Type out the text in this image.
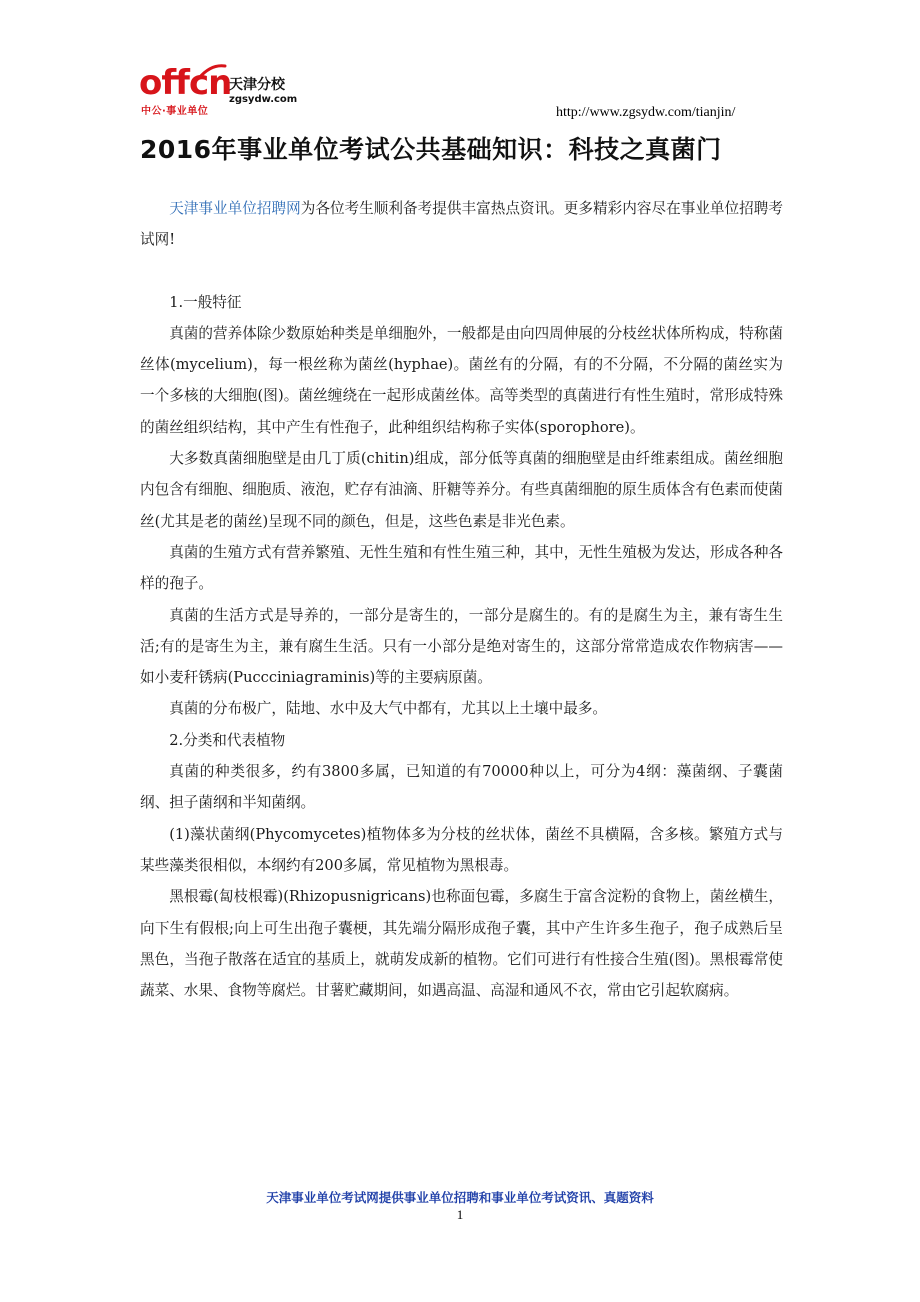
offcn
中公·事业单位
天津分校
zgsydw.com
http://www.zgsydw.com/tianjin/
2016年事业单位考试公共基础知识：科技之真菌门

天津事业单位招聘网为各位考生顺利备考提供丰富热点资讯。更多精彩内容尽在事业单位招聘考试网!

1.一般特征

真菌的营养体除少数原始种类是单细胞外，一般都是由向四周伸展的分枝丝状体所构成，特称菌丝体(mycelium)，每一根丝称为菌丝(hyphae)。菌丝有的分隔，有的不分隔，不分隔的菌丝实为一个多核的大细胞(图)。菌丝缠绕在一起形成菌丝体。高等类型的真菌进行有性生殖时，常形成特殊的菌丝组织结构，其中产生有性孢子，此种组织结构称子实体(sporophore)。

大多数真菌细胞壁是由几丁质(chitin)组成，部分低等真菌的细胞壁是由纤维素组成。菌丝细胞内包含有细胞、细胞质、液泡，贮存有油滴、肝糖等养分。有些真菌细胞的原生质体含有色素而使菌丝(尤其是老的菌丝)呈现不同的颜色，但是，这些色素是非光色素。

真菌的生殖方式有营养繁殖、无性生殖和有性生殖三种，其中，无性生殖极为发达，形成各种各样的孢子。

真菌的生活方式是导养的，一部分是寄生的，一部分是腐生的。有的是腐生为主，兼有寄生生活;有的是寄生为主，兼有腐生生活。只有一小部分是绝对寄生的，这部分常常造成农作物病害——如小麦秆锈病(Puccciniagraminis)等的主要病原菌。

真菌的分布极广，陆地、水中及大气中都有，尤其以上土壤中最多。

2.分类和代表植物

真菌的种类很多，约有3800多属，已知道的有70000种以上，可分为4纲：藻菌纲、子囊菌纲、担子菌纲和半知菌纲。

(1)藻状菌纲(Phycomycetes)植物体多为分枝的丝状体，菌丝不具横隔，含多核。繁殖方式与某些藻类很相似，本纲约有200多属，常见植物为黑根毒。

黑根霉(匐枝根霉)(Rhizopusnigricans)也称面包霉，多腐生于富含淀粉的食物上，菌丝横生，向下生有假根;向上可生出孢子囊梗，其先端分隔形成孢子囊，其中产生许多生孢子，孢子成熟后呈黑色，当孢子散落在适宜的基质上，就萌发成新的植物。它们可进行有性接合生殖(图)。黑根霉常使蔬菜、水果、食物等腐烂。甘薯贮藏期间，如遇高温、高湿和通风不衣，常由它引起软腐病。

天津事业单位考试网提供事业单位招聘和事业单位考试资讯、真题资料
1
